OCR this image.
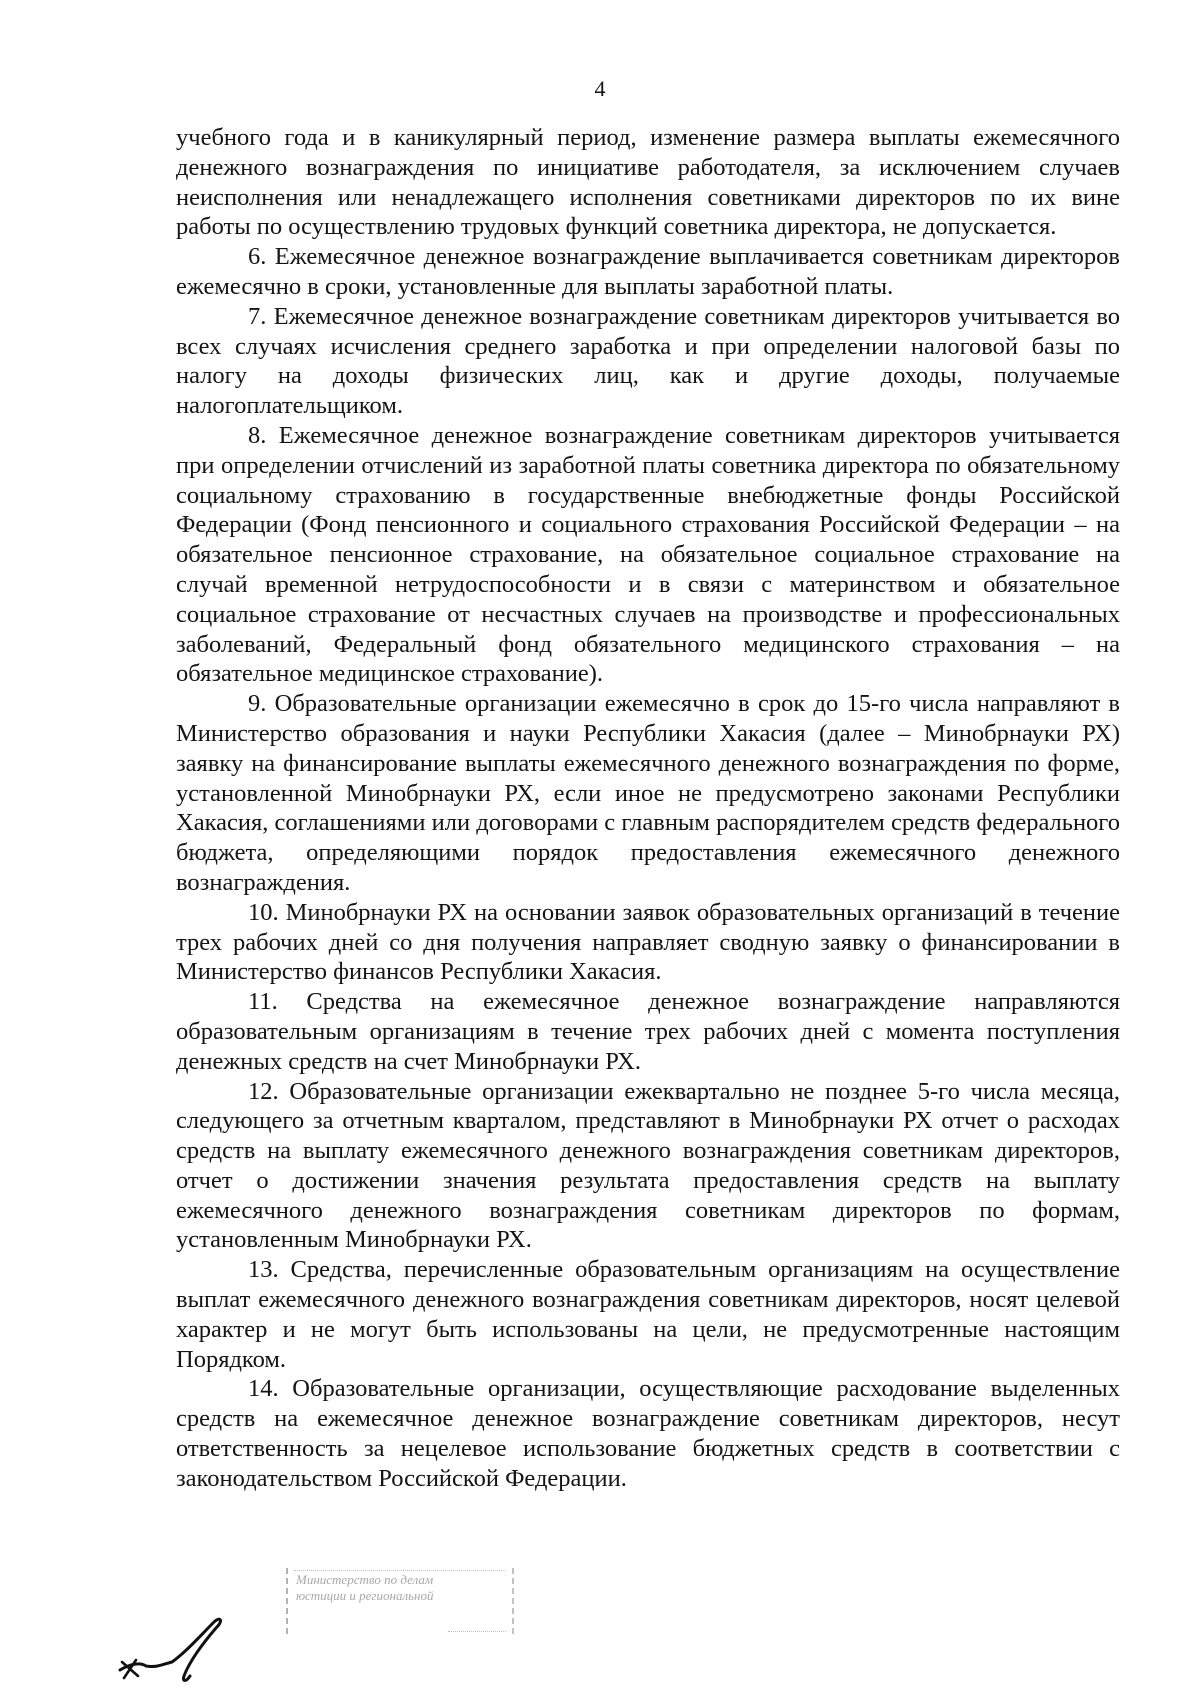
4

учебного года и в каникулярный период, изменение размера выплаты ежемесячного денежного вознаграждения по инициативе работодателя, за исключением случаев неисполнения или ненадлежащего исполнения советниками директоров по их вине работы по осуществлению трудовых функций советника директора, не допускается.

6. Ежемесячное денежное вознаграждение выплачивается советникам директоров ежемесячно в сроки, установленные для выплаты заработной платы.

7. Ежемесячное денежное вознаграждение советникам директоров учитывается во всех случаях исчисления среднего заработка и при определении налоговой базы по налогу на доходы физических лиц, как и другие доходы, получаемые налогоплательщиком.

8. Ежемесячное денежное вознаграждение советникам директоров учитывается при определении отчислений из заработной платы советника директора по обязательному социальному страхованию в государственные внебюджетные фонды Российской Федерации (Фонд пенсионного и социального страхования Российской Федерации – на обязательное пенсионное страхование, на обязательное социальное страхование на случай временной нетрудоспособности и в связи с материнством и обязательное социальное страхование от несчастных случаев на производстве и профессиональных заболеваний, Федеральный фонд обязательного медицинского страхования – на обязательное медицинское страхование).

9. Образовательные организации ежемесячно в срок до 15-го числа направляют в Министерство образования и науки Республики Хакасия (далее – Минобрнауки РХ) заявку на финансирование выплаты ежемесячного денежного вознаграждения по форме, установленной Минобрнауки РХ, если иное не предусмотрено законами Республики Хакасия, соглашениями или договорами с главным распорядителем средств федерального бюджета, определяющими порядок предоставления ежемесячного денежного вознаграждения.

10. Минобрнауки РХ на основании заявок образовательных организаций в течение трех рабочих дней со дня получения направляет сводную заявку о финансировании в Министерство финансов Республики Хакасия.

11. Средства на ежемесячное денежное вознаграждение направляются образовательным организациям в течение трех рабочих дней с момента поступления денежных средств на счет Минобрнауки РХ.

12. Образовательные организации ежеквартально не позднее 5-го числа месяца, следующего за отчетным кварталом, представляют в Минобрнауки РХ отчет о расходах средств на выплату ежемесячного денежного вознаграждения советникам директоров, отчет о достижении значения результата предоставления средств на выплату ежемесячного денежного вознаграждения советникам директоров по формам, установленным Минобрнауки РХ.

13. Средства, перечисленные образовательным организациям на осуществление выплат ежемесячного денежного вознаграждения советникам директоров, носят целевой характер и не могут быть использованы на цели, не предусмотренные настоящим Порядком.

14. Образовательные организации, осуществляющие расходование выделенных средств на ежемесячное денежное вознаграждение советникам директоров, несут ответственность за нецелевое использование бюджетных средств в соответствии с законодательством Российской Федерации.

Министерство по делам
юстиции и региональной
